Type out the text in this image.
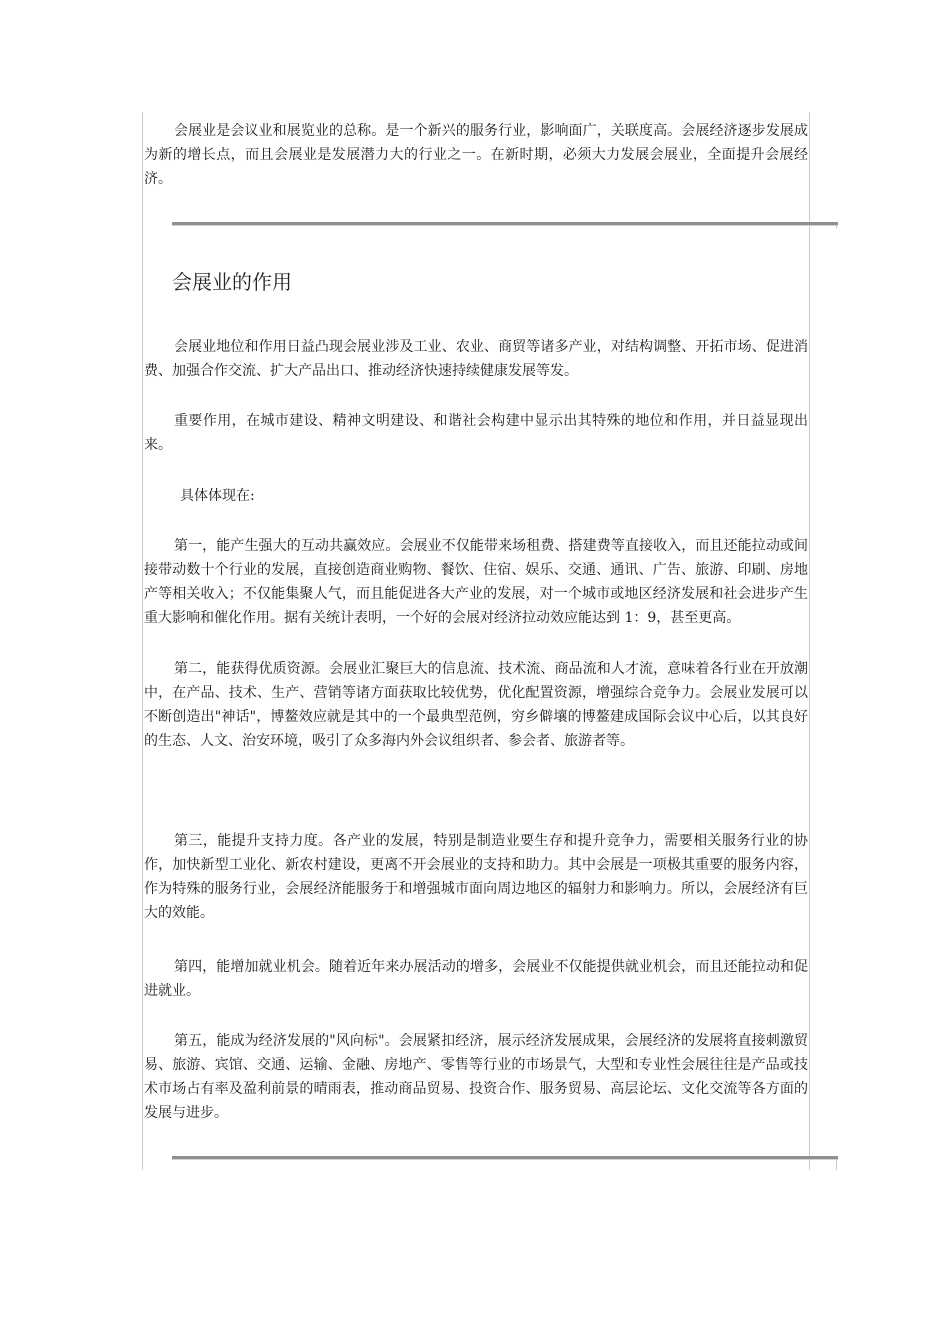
会展业是会议业和展览业的总称。是一个新兴的服务行业，影响面广，关联度高。会展经济逐步发展成为新的增长点，而且会展业是发展潜力大的行业之一。在新时期，必须大力发展会展业，全面提升会展经济。

会展业的作用

会展业地位和作用日益凸现会展业涉及工业、农业、商贸等诸多产业，对结构调整、开拓市场、促进消费、加强合作交流、扩大产品出口、推动经济快速持续健康发展等发。

重要作用，在城市建设、精神文明建设、和谐社会构建中显示出其特殊的地位和作用，并日益显现出来。

具体体现在:

第一，能产生强大的互动共赢效应。会展业不仅能带来场租费、搭建费等直接收入，而且还能拉动或间接带动数十个行业的发展，直接创造商业购物、餐饮、住宿、娱乐、交通、通讯、广告、旅游、印刷、房地产等相关收入；不仅能集聚人气，而且能促进各大产业的发展，对一个城市或地区经济发展和社会进步产生重大影响和催化作用。据有关统计表明，一个好的会展对经济拉动效应能达到 1：9，甚至更高。

第二，能获得优质资源。会展业汇聚巨大的信息流、技术流、商品流和人才流，意味着各行业在开放潮中，在产品、技术、生产、营销等诸方面获取比较优势，优化配置资源，增强综合竞争力。会展业发展可以不断创造出"神话"，博鳌效应就是其中的一个最典型范例，穷乡僻壤的博鳌建成国际会议中心后，以其良好的生态、人文、治安环境，吸引了众多海内外会议组织者、参会者、旅游者等。

第三，能提升支持力度。各产业的发展，特别是制造业要生存和提升竞争力，需要相关服务行业的协作，加快新型工业化、新农村建设，更离不开会展业的支持和助力。其中会展是一项极其重要的服务内容，作为特殊的服务行业，会展经济能服务于和增强城市面向周边地区的辐射力和影响力。所以，会展经济有巨大的效能。

第四，能增加就业机会。随着近年来办展活动的增多，会展业不仅能提供就业机会，而且还能拉动和促进就业。

第五，能成为经济发展的"风向标"。会展紧扣经济，展示经济发展成果，会展经济的发展将直接刺激贸易、旅游、宾馆、交通、运输、金融、房地产、零售等行业的市场景气，大型和专业性会展往往是产品或技术市场占有率及盈利前景的晴雨表，推动商品贸易、投资合作、服务贸易、高层论坛、文化交流等各方面的发展与进步。
